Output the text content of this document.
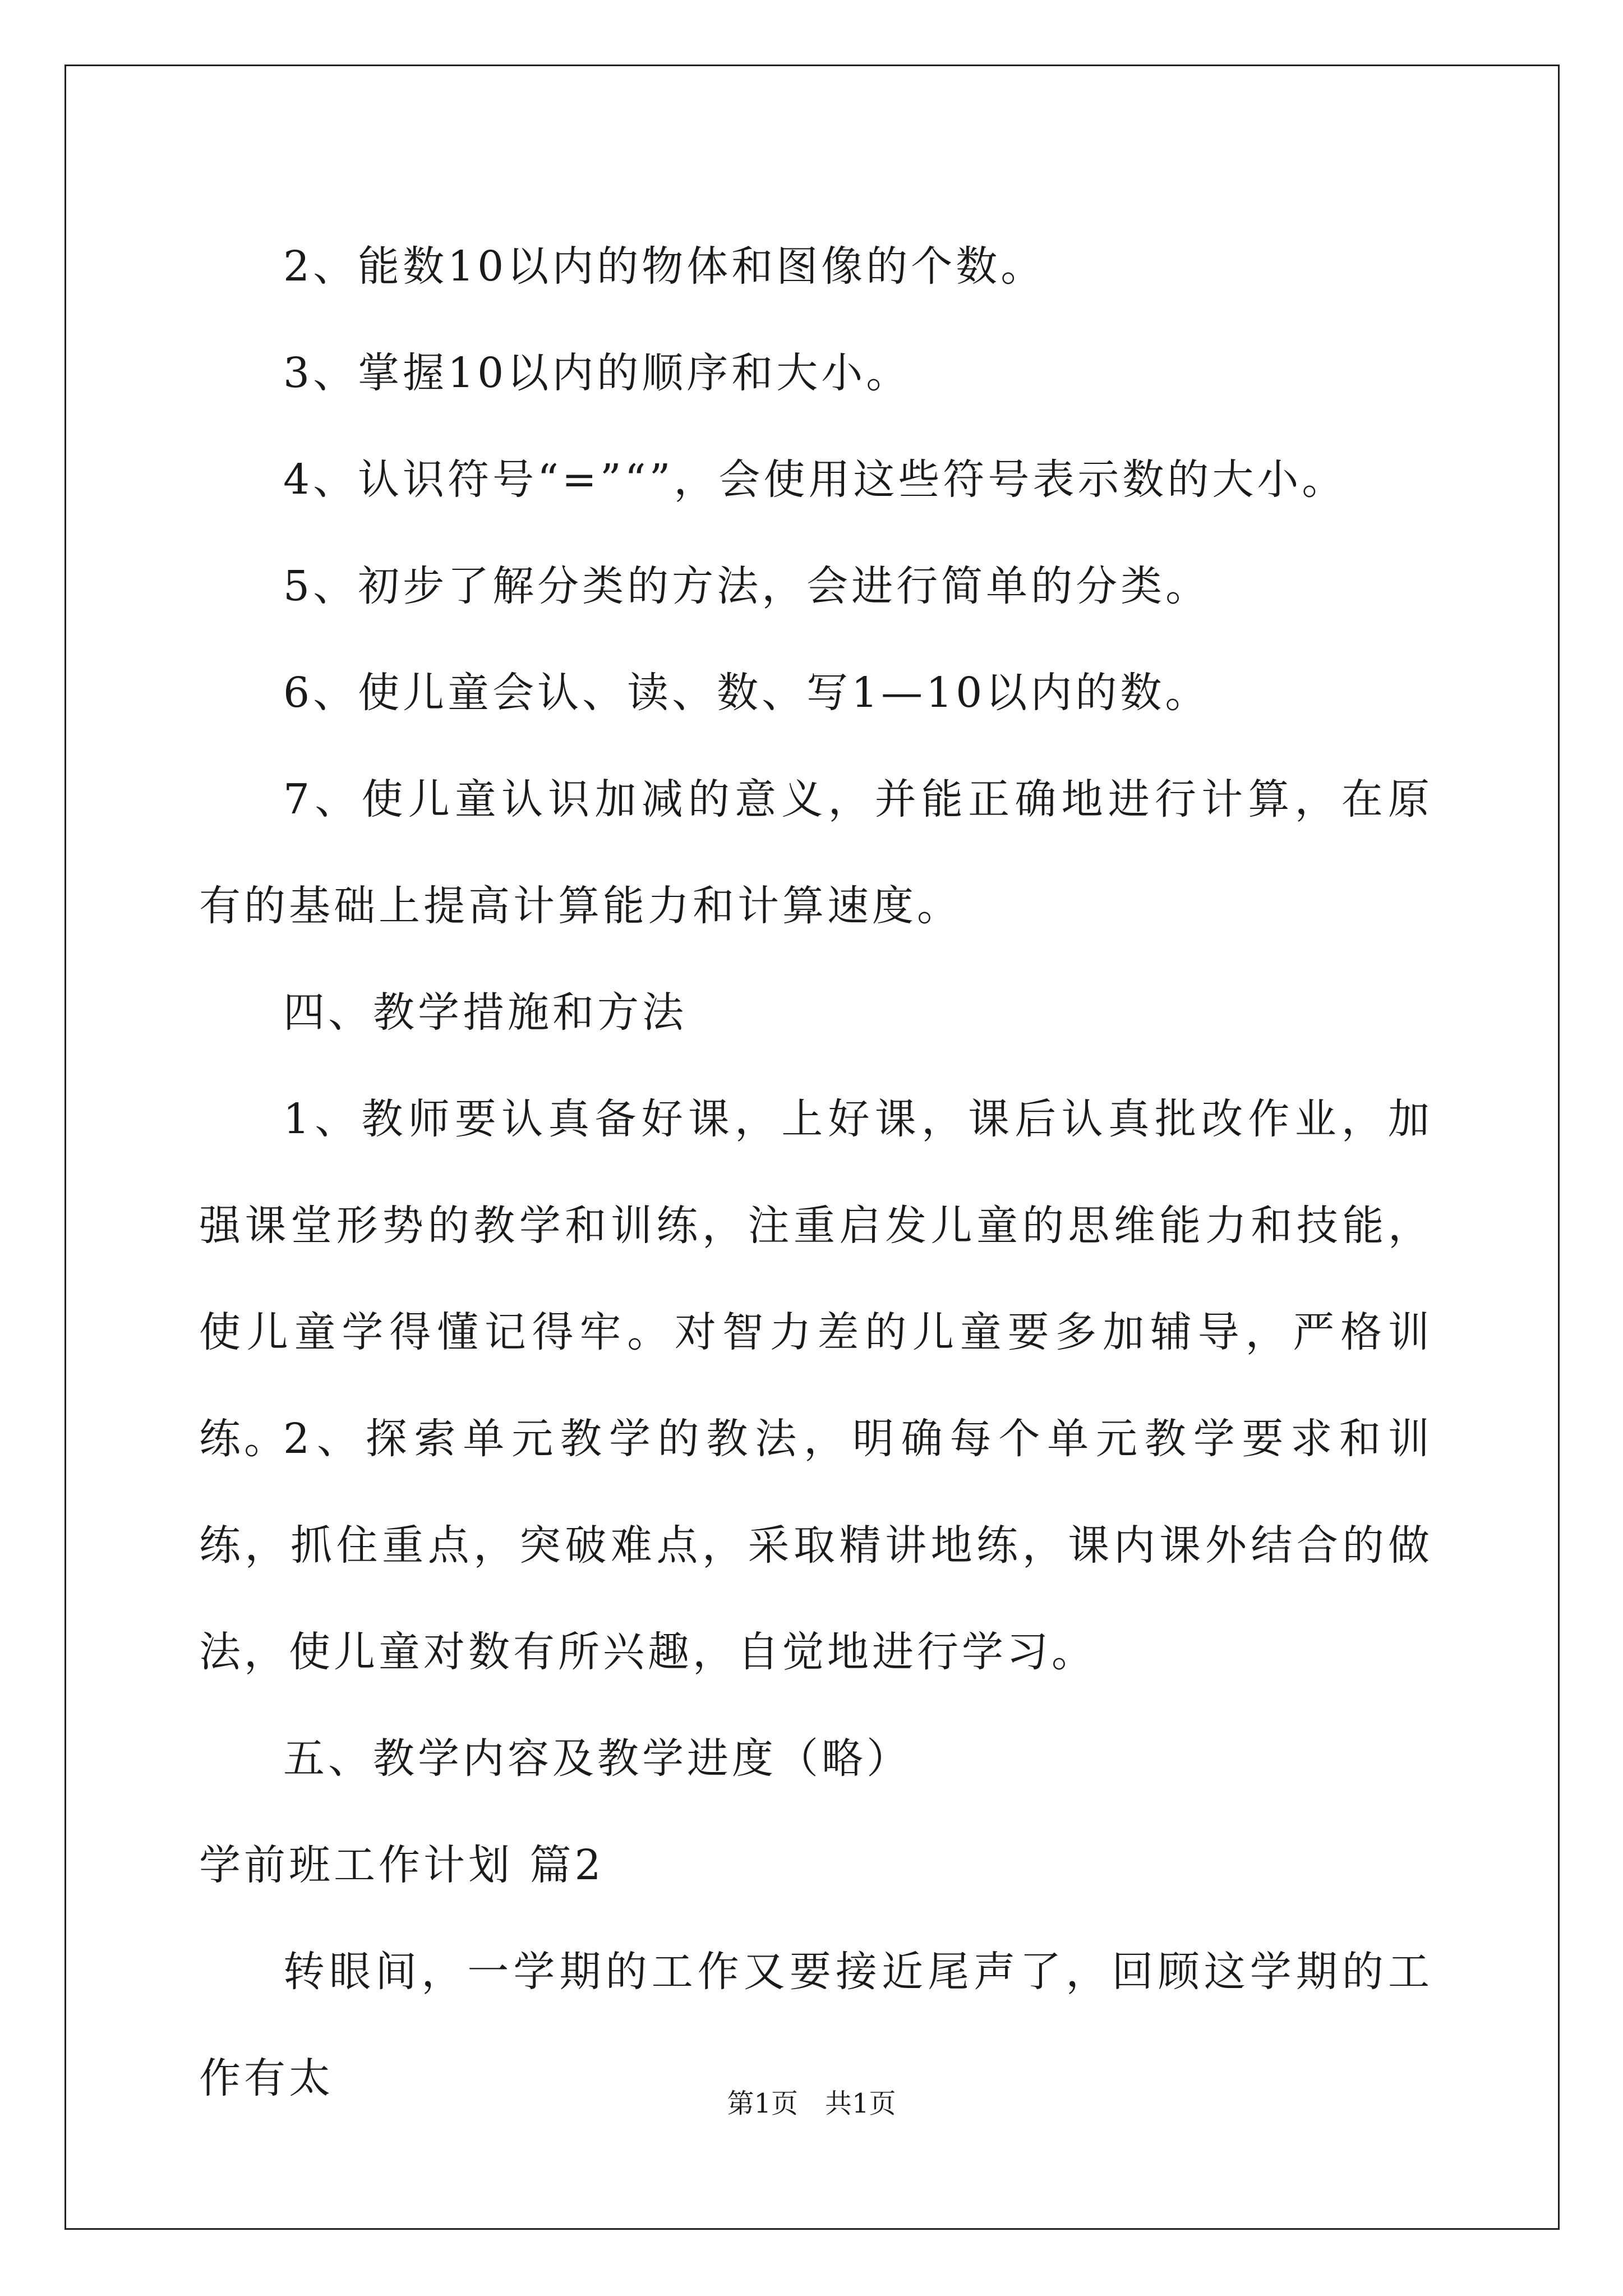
2、能数10以内的物体和图像的个数。

3、掌握10以内的顺序和大小。

4、认识符号“=”“”，会使用这些符号表示数的大小。

5、初步了解分类的方法，会进行简单的分类。

6、使儿童会认、读、数、写1—10以内的数。

7、使儿童认识加减的意义，并能正确地进行计算，在原有的基础上提高计算能力和计算速度。

四、教学措施和方法

1、教师要认真备好课，上好课，课后认真批改作业，加强课堂形势的教学和训练，注重启发儿童的思维能力和技能，使儿童学得懂记得牢。对智力差的儿童要多加辅导，严格训练。

2、探索单元教学的教法，明确每个单元教学要求和训练，抓住重点，突破难点，采取精讲地练，课内课外结合的做法，使儿童对数有所兴趣，自觉地进行学习。

五、教学内容及教学进度（略）

学前班工作计划 篇2

转眼间，一学期的工作又要接近尾声了，回顾这学期的工作有太

第1页　共1页
